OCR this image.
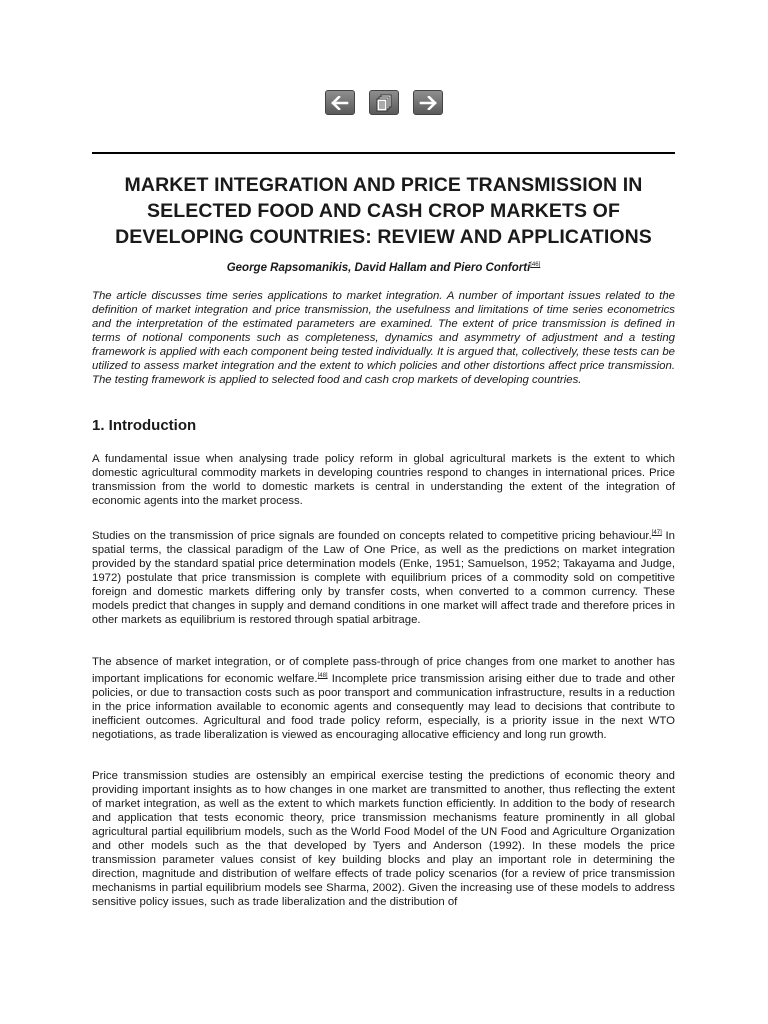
MARKET INTEGRATION AND PRICE TRANSMISSION IN SELECTED FOOD AND CASH CROP MARKETS OF DEVELOPING COUNTRIES: REVIEW AND APPLICATIONS
George Rapsomanikis, David Hallam and Piero Conforti[46]

The article discusses time series applications to market integration. A number of important issues related to the definition of market integration and price transmission, the usefulness and limitations of time series econometrics and the interpretation of the estimated parameters are examined. The extent of price transmission is defined in terms of notional components such as completeness, dynamics and asymmetry of adjustment and a testing framework is applied with each component being tested individually. It is argued that, collectively, these tests can be utilized to assess market integration and the extent to which policies and other distortions affect price transmission. The testing framework is applied to selected food and cash crop markets of developing countries.

1. Introduction

A fundamental issue when analysing trade policy reform in global agricultural markets is the extent to which domestic agricultural commodity markets in developing countries respond to changes in international prices. Price transmission from the world to domestic markets is central in understanding the extent of the integration of economic agents into the market process.

Studies on the transmission of price signals are founded on concepts related to competitive pricing behaviour.[47] In spatial terms, the classical paradigm of the Law of One Price, as well as the predictions on market integration provided by the standard spatial price determination models (Enke, 1951; Samuelson, 1952; Takayama and Judge, 1972) postulate that price transmission is complete with equilibrium prices of a commodity sold on competitive foreign and domestic markets differing only by transfer costs, when converted to a common currency. These models predict that changes in supply and demand conditions in one market will affect trade and therefore prices in other markets as equilibrium is restored through spatial arbitrage.

The absence of market integration, or of complete pass-through of price changes from one market to another has important implications for economic welfare.[48] Incomplete price transmission arising either due to trade and other policies, or due to transaction costs such as poor transport and communication infrastructure, results in a reduction in the price information available to economic agents and consequently may lead to decisions that contribute to inefficient outcomes. Agricultural and food trade policy reform, especially, is a priority issue in the next WTO negotiations, as trade liberalization is viewed as encouraging allocative efficiency and long run growth.

Price transmission studies are ostensibly an empirical exercise testing the predictions of economic theory and providing important insights as to how changes in one market are transmitted to another, thus reflecting the extent of market integration, as well as the extent to which markets function efficiently. In addition to the body of research and application that tests economic theory, price transmission mechanisms feature prominently in all global agricultural partial equilibrium models, such as the World Food Model of the UN Food and Agriculture Organization and other models such as the that developed by Tyers and Anderson (1992). In these models the price transmission parameter values consist of key building blocks and play an important role in determining the direction, magnitude and distribution of welfare effects of trade policy scenarios (for a review of price transmission mechanisms in partial equilibrium models see Sharma, 2002). Given the increasing use of these models to address sensitive policy issues, such as trade liberalization and the distribution of
